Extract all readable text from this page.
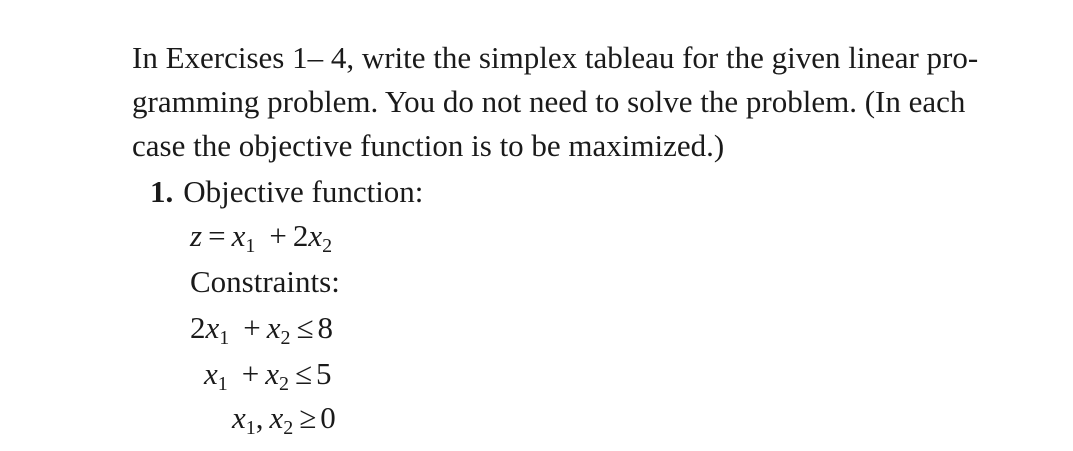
In Exercises 1– 4, write the simplex tableau for the given linear pro-
gramming problem. You do not need to solve the problem. (In each
case the objective function is to be maximized.)
1. Objective function:
$z = x_1 + 2x_2$
Constraints:
$2x_1 + x_2 \le 8$
$x_1 + x_2 \le 5$
$x_1$, $x_2 \ge 0$
